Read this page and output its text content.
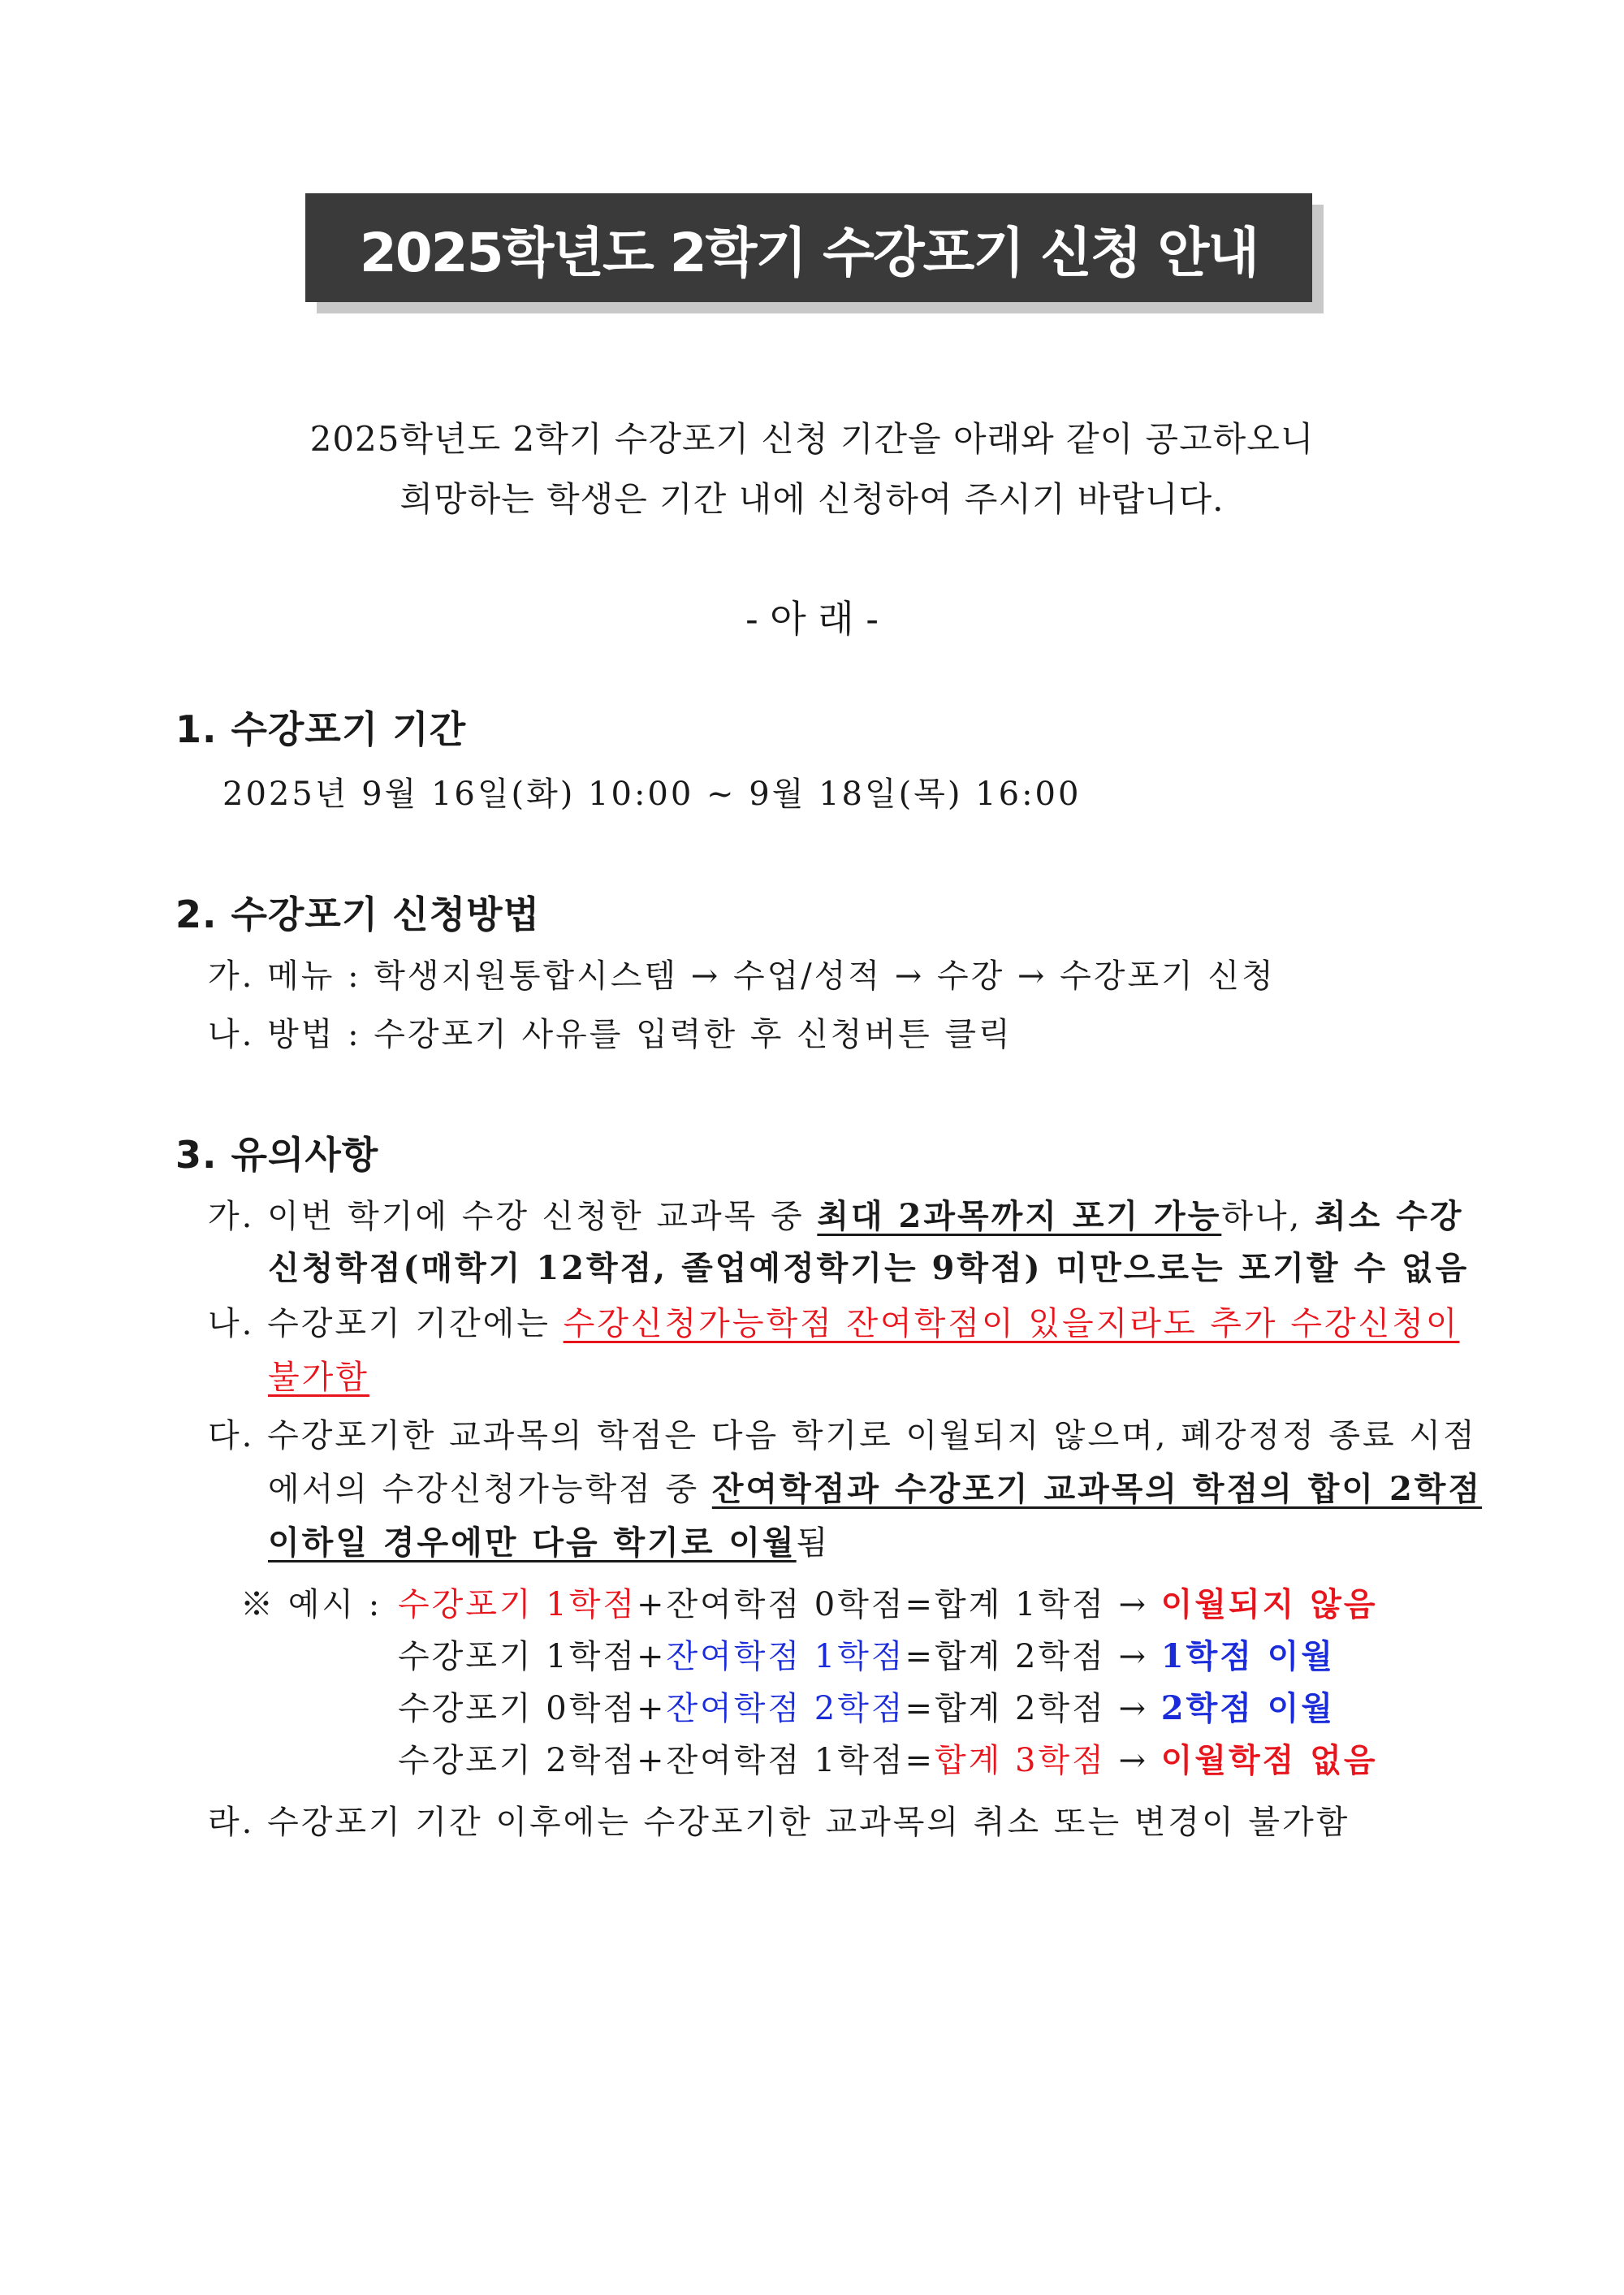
2025학년도 2학기 수강포기 신청 안내
2025학년도 2학기 수강포기 신청 기간을 아래와 같이 공고하오니
희망하는 학생은 기간 내에 신청하여 주시기 바랍니다.
- 아 래 -
1. 수강포기 기간
2025년 9월 16일(화) 10:00 ~ 9월 18일(목) 16:00
2. 수강포기 신청방법
가. 메뉴 : 학생지원통합시스템 → 수업/성적 → 수강 → 수강포기 신청
나. 방법 : 수강포기 사유를 입력한 후 신청버튼 클릭
3. 유의사항
가. 이번 학기에 수강 신청한 교과목 중 최대 2과목까지 포기 가능하나, 최소 수강
신청학점(매학기 12학점, 졸업예정학기는 9학점) 미만으로는 포기할 수 없음
나. 수강포기 기간에는 수강신청가능학점 잔여학점이 있을지라도 추가 수강신청이
불가함
다. 수강포기한 교과목의 학점은 다음 학기로 이월되지 않으며, 폐강정정 종료 시점
에서의 수강신청가능학점 중 잔여학점과 수강포기 교과목의 학점의 합이 2학점
이하일 경우에만 다음 학기로 이월됨
※ 예시 : 수강포기 1학점+잔여학점 0학점=합계 1학점 → 이월되지 않음
수강포기 1학점+잔여학점 1학점=합계 2학점 → 1학점 이월
수강포기 0학점+잔여학점 2학점=합계 2학점 → 2학점 이월
수강포기 2학점+잔여학점 1학점=합계 3학점 → 이월학점 없음
라. 수강포기 기간 이후에는 수강포기한 교과목의 취소 또는 변경이 불가함
